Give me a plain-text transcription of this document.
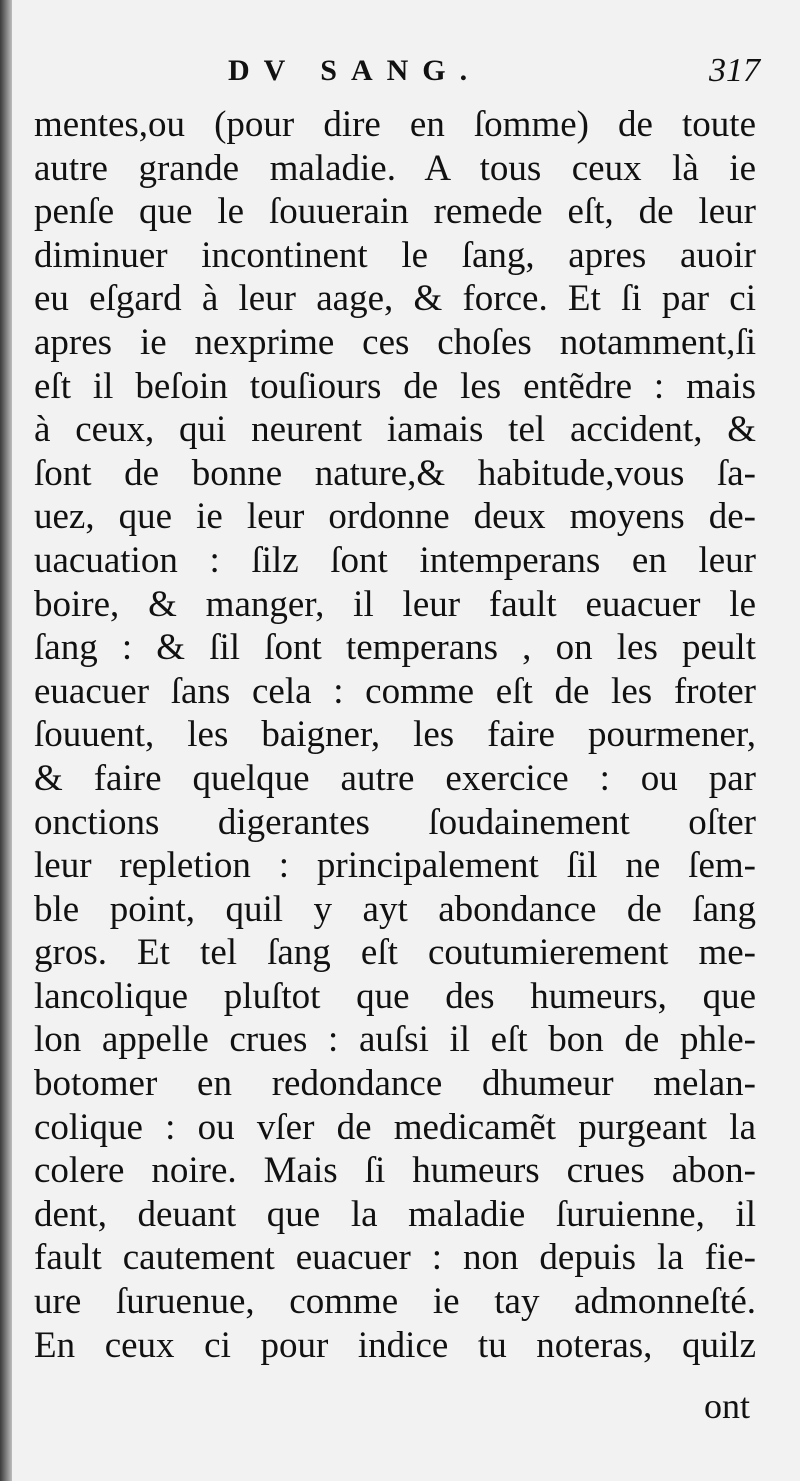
DV SANG.	317
mentes,ou (pour dire en ſomme) de toute
autre grande maladie. A tous ceux là ie
penſe que le ſouuerain remede eſt, de leur
diminuer incontinent le ſang, apres auoir
eu eſgard à leur aage, & force. Et ſi par ci
apres ie nexprime ces choſes notamment,ſi
eſt il beſoin touſiours de les entẽdre : mais
à ceux, qui neurent iamais tel accident, &
ſont de bonne nature,& habitude,vous ſa-
uez, que ie leur ordonne deux moyens de-
uacuation : ſilz ſont intemperans en leur
boire, & manger, il leur fault euacuer le
ſang : & ſil ſont temperans , on les peult
euacuer ſans cela : comme eſt de les froter
ſouuent, les baigner, les faire pourmener,
& faire quelque autre exercice : ou par
onctions digerantes ſoudainement oſter
leur repletion : principalement ſil ne ſem-
ble point, quil y ayt abondance de ſang
gros. Et tel ſang eſt coutumierement me-
lancolique pluſtot que des humeurs, que
lon appelle crues : auſsi il eſt bon de phle-
botomer en redondance dhumeur melan-
colique : ou vſer de medicamẽt purgeant la
colere noire. Mais ſi humeurs crues abon-
dent, deuant que la maladie ſuruienne, il
fault cautement euacuer : non depuis la fie-
ure ſuruenue, comme ie tay admonneſté.
En ceux ci pour indice tu noteras, quilz
ont
